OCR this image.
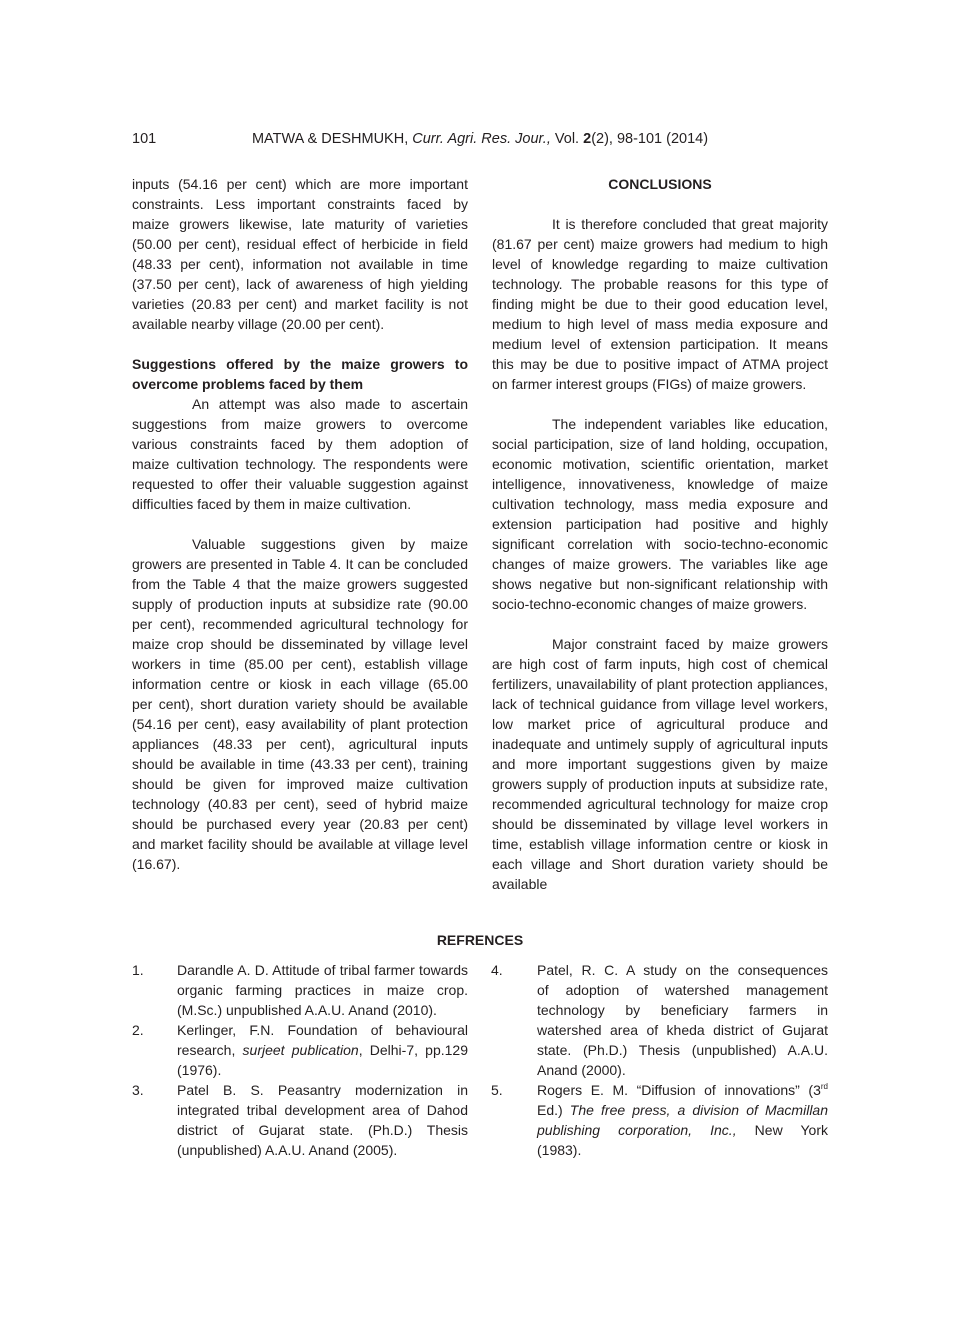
101	MATWA & DESHMUKH, Curr. Agri. Res. Jour., Vol. 2(2), 98-101 (2014)
inputs (54.16 per cent) which are more important
constraints. Less important constraints faced by
maize growers likewise, late maturity of varieties
(50.00 per cent), residual effect of herbicide in field
(48.33 per cent), information not available in time
(37.50 per cent), lack of awareness of high yielding
varieties (20.83 per cent) and market facility is not
available nearby village (20.00 per cent).
Suggestions offered by the maize growers to
overcome problems faced by them
An attempt was also made to ascertain
suggestions from maize growers to overcome
various constraints faced by them adoption of
maize cultivation technology. The respondents were
requested to offer their valuable suggestion against
difficulties faced by them in maize cultivation.
Valuable suggestions given by maize
growers are presented in Table 4. It can be concluded
from the Table 4 that the maize growers suggested
supply of production inputs at subsidize rate (90.00
per cent), recommended agricultural technology for
maize crop should be disseminated by village level
workers in time (85.00 per cent), establish village
information centre or kiosk in each village (65.00
per cent), short duration variety should be available
(54.16 per cent), easy availability of plant protection
appliances (48.33 per cent), agricultural inputs
should be available in time (43.33 per cent), training
should be given for improved maize cultivation
technology (40.83 per cent), seed of hybrid maize
should be purchased every year (20.83 per cent)
and market facility should be available at village level
(16.67).
CONCLUSIONS
It is therefore concluded that great majority
(81.67 per cent) maize growers had medium to high
level of knowledge regarding to maize cultivation
technology. The probable reasons for this type of
finding might be due to their good education level,
medium to high level of mass media exposure and
medium level of extension participation. It means
this may be due to positive impact of ATMA project
on farmer interest groups (FIGs) of maize growers.
The independent variables like education,
social participation, size of land holding, occupation,
economic motivation, scientific orientation, market
intelligence, innovativeness, knowledge of maize
cultivation technology, mass media exposure and
extension participation had positive and highly
significant correlation with socio-techno-economic
changes of maize growers. The variables like age
shows negative but non-significant relationship with
socio-techno-economic changes of maize growers.
Major constraint faced by maize growers
are high cost of farm inputs, high cost of chemical
fertilizers, unavailability of plant protection appliances,
lack of technical guidance from village level workers,
low market price of agricultural produce and
inadequate and untimely supply of agricultural inputs
and more important suggestions given by maize
growers supply of production inputs at subsidize rate,
recommended agricultural technology for maize crop
should be disseminated by village level workers in
time, establish village information centre or kiosk in
each village and Short duration variety should be
available
REFRENCES
1. Darandle A. D. Attitude of tribal farmer towards
organic farming practices in maize crop.
(M.Sc.) unpublished A.A.U. Anand (2010).
2. Kerlinger, F.N. Foundation of behavioural
research, surjeet publication, Delhi-7, pp.129
(1976).
3. Patel B. S. Peasantry modernization in
integrated tribal development area of Dahod
district of Gujarat state. (Ph.D.) Thesis
(unpublished) A.A.U. Anand (2005).
4. Patel, R. C. A study on the consequences
of adoption of watershed management
technology by beneficiary farmers in
watershed area of kheda district of Gujarat
state. (Ph.D.) Thesis (unpublished) A.A.U.
Anand (2000).
5. Rogers E. M. “Diffusion of innovations” (3rd
Ed.) The free press, a division of Macmillan
publishing corporation, Inc., New York
(1983).
